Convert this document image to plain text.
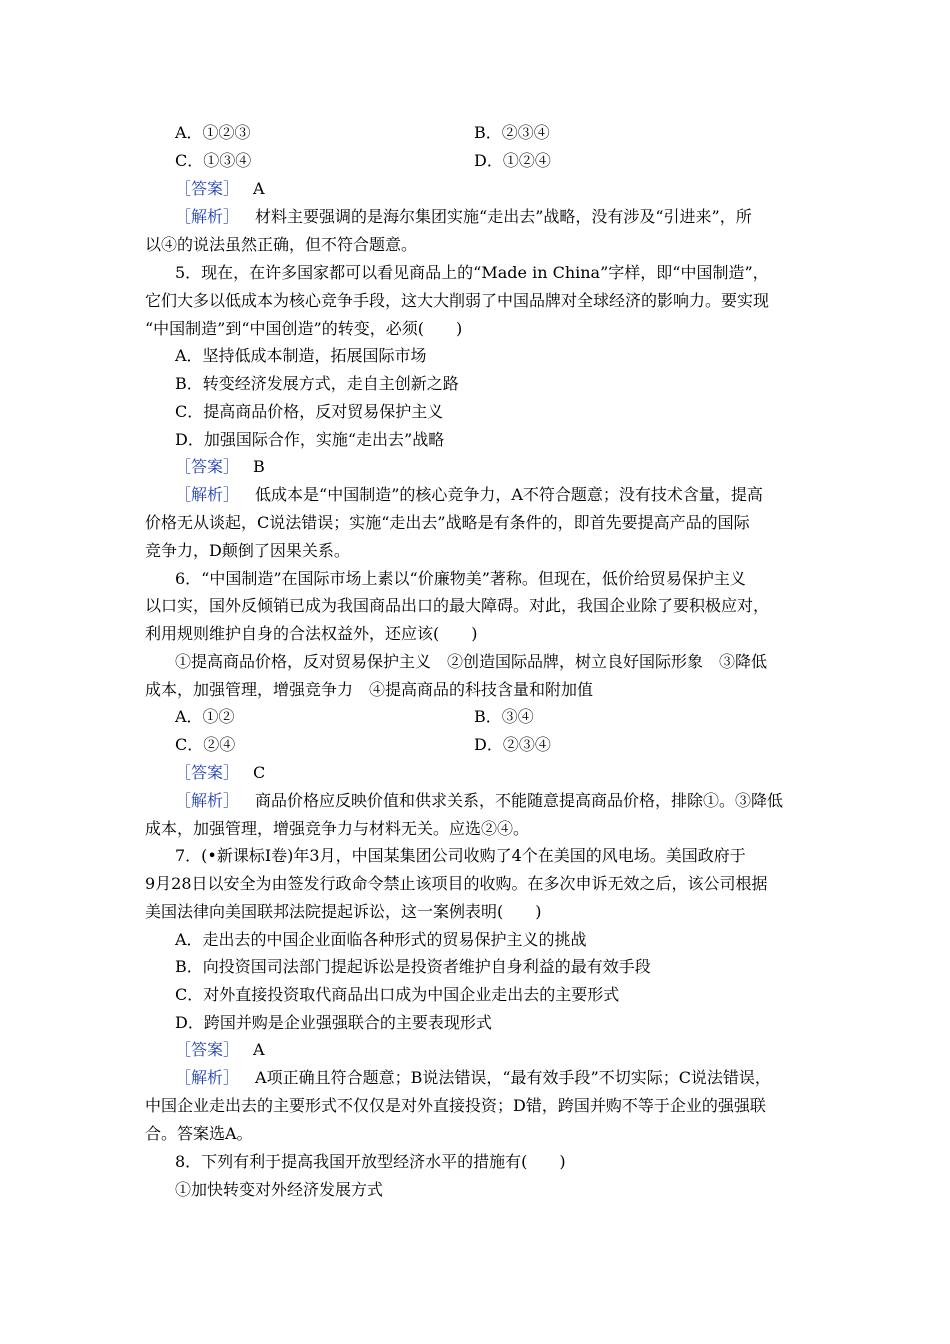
A．①②③	B．②③④
C．①③④	D．①②④
［答案］ A
［解析］ 材料主要强调的是海尔集团实施“走出去”战略，没有涉及“引进来”，所
以④的说法虽然正确，但不符合题意。
5．现在，在许多国家都可以看见商品上的“Made in China”字样，即“中国制造”，
它们大多以低成本为核心竞争手段，这大大削弱了中国品牌对全球经济的影响力。要实现
“中国制造”到“中国创造”的转变，必须(　　)
A．坚持低成本制造，拓展国际市场
B．转变经济发展方式，走自主创新之路
C．提高商品价格，反对贸易保护主义
D．加强国际合作，实施“走出去”战略
［答案］ B
［解析］ 低成本是“中国制造”的核心竞争力，A不符合题意；没有技术含量，提高
价格无从谈起，C说法错误；实施“走出去”战略是有条件的，即首先要提高产品的国际
竞争力，D颠倒了因果关系。
6．“中国制造”在国际市场上素以“价廉物美”著称。但现在，低价给贸易保护主义
以口实，国外反倾销已成为我国商品出口的最大障碍。对此，我国企业除了要积极应对，
利用规则维护自身的合法权益外，还应该(　　)
①提高商品价格，反对贸易保护主义　②创造国际品牌，树立良好国际形象　③降低
成本，加强管理，增强竞争力　④提高商品的科技含量和附加值
A．①②	B．③④
C．②④	D．②③④
［答案］ C
［解析］ 商品价格应反映价值和供求关系，不能随意提高商品价格，排除①。③降低
成本，加强管理，增强竞争力与材料无关。应选②④。
7．(•新课标Ⅰ卷)年3月，中国某集团公司收购了4个在美国的风电场。美国政府于
9月28日以安全为由签发行政命令禁止该项目的收购。在多次申诉无效之后，该公司根据
美国法律向美国联邦法院提起诉讼，这一案例表明(　　)
A．走出去的中国企业面临各种形式的贸易保护主义的挑战
B．向投资国司法部门提起诉讼是投资者维护自身利益的最有效手段
C．对外直接投资取代商品出口成为中国企业走出去的主要形式
D．跨国并购是企业强强联合的主要表现形式
［答案］ A
［解析］ A项正确且符合题意；B说法错误，“最有效手段”不切实际；C说法错误，
中国企业走出去的主要形式不仅仅是对外直接投资；D错，跨国并购不等于企业的强强联
合。答案选A。
8．下列有利于提高我国开放型经济水平的措施有(　　)
①加快转变对外经济发展方式
